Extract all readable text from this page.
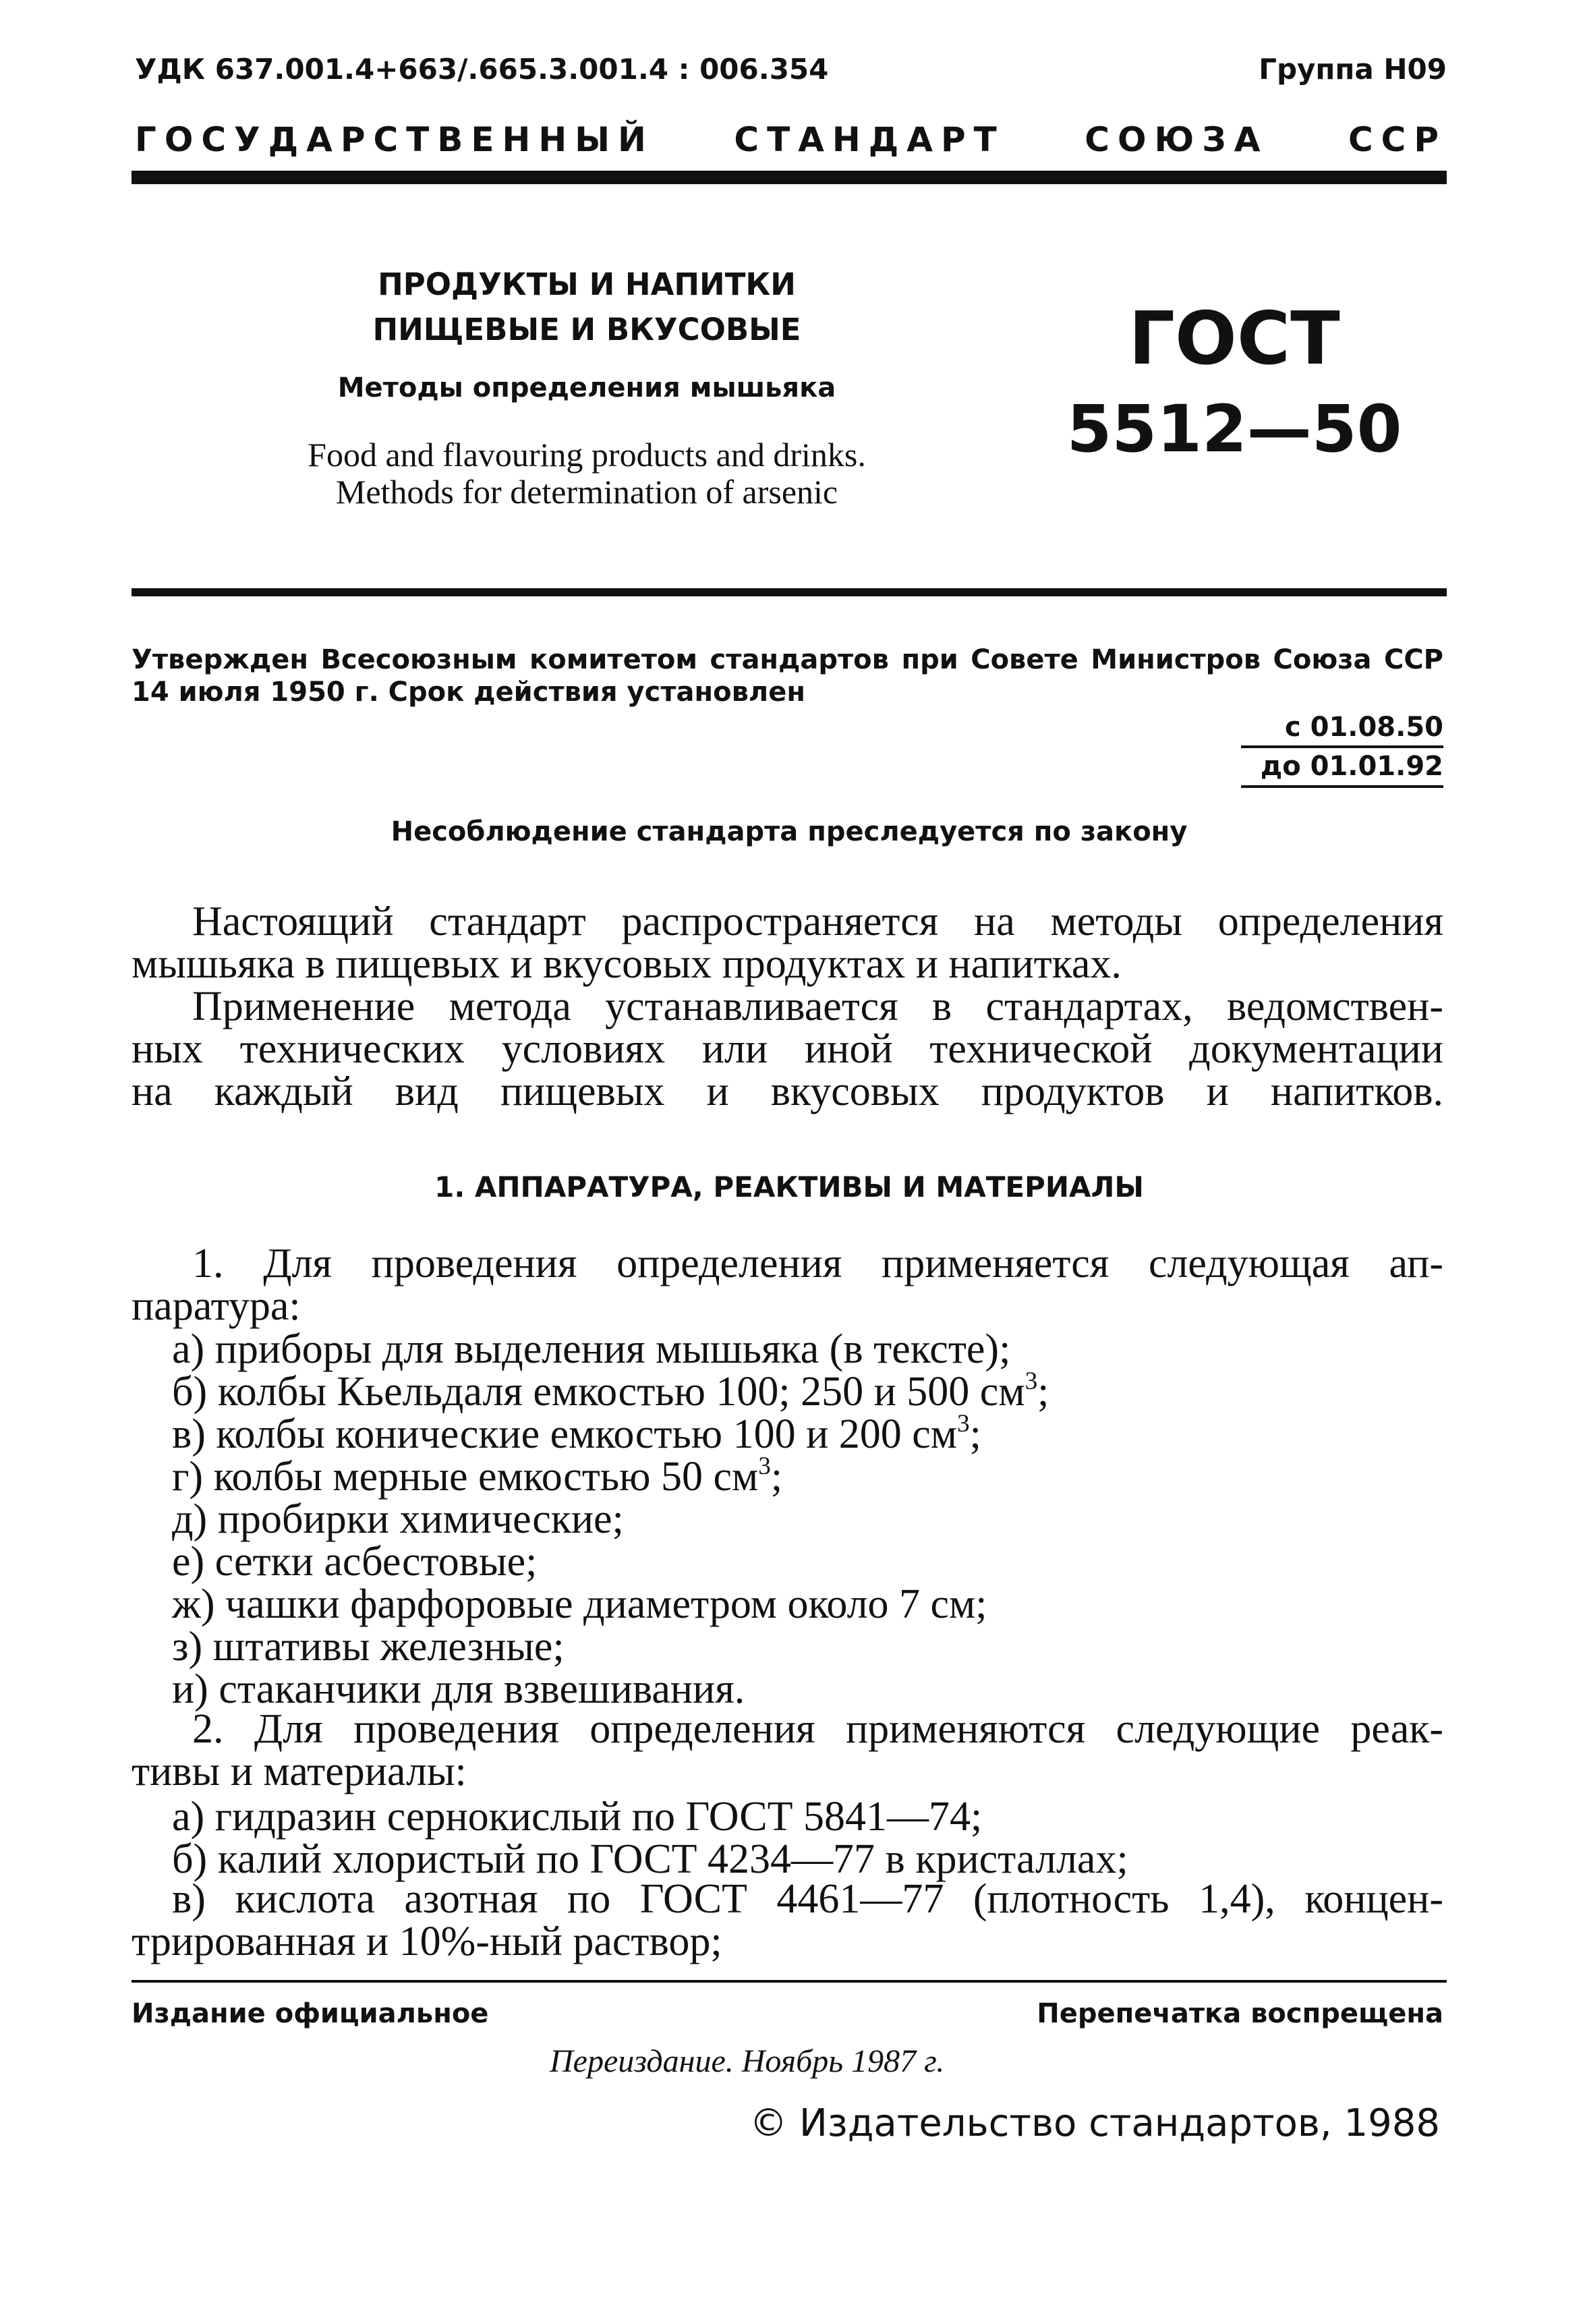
УДК 637.001.4+663/.665.3.001.4 : 006.354	Группа Н09
ГОСУДАРСТВЕННЫЙ СТАНДАРТ СОЮЗА ССР
ПРОДУКТЫ И НАПИТКИ
ПИЩЕВЫЕ И ВКУСОВЫЕ
Методы определения мышьяка
Food and flavouring products and drinks.
Methods for determination of arsenic
ГОСТ
5512—50
Утвержден Всесоюзным комитетом стандартов при Совете Министров Союза ССР
14 июля 1950 г. Срок действия установлен
с 01.08.50
до 01.01.92
Несоблюдение стандарта преследуется по закону
Настоящий стандарт распространяется на методы определения
мышьяка в пищевых и вкусовых продуктах и напитках.
Применение метода устанавливается в стандартах, ведомствен-
ных технических условиях или иной технической документации
на каждый вид пищевых и вкусовых продуктов и напитков.
1. АППАРАТУРА, РЕАКТИВЫ И МАТЕРИАЛЫ
1. Для проведения определения применяется следующая ап-
паратура:
а) приборы для выделения мышьяка (в тексте);
б) колбы Кьельдаля емкостью 100; 250 и 500 $см^3$;
в) колбы конические емкостью 100 и 200 $см^3$;
г) колбы мерные емкостью 50 $см^3$;
д) пробирки химические;
е) сетки асбестовые;
ж) чашки фарфоровые диаметром около 7 см;
з) штативы железные;
и) стаканчики для взвешивания.
2. Для проведения определения применяются следующие реак-
тивы и материалы:
а) гидразин сернокислый по ГОСТ 5841—74;
б) калий хлористый по ГОСТ 4234—77 в кристаллах;
в) кислота азотная по ГОСТ 4461—77 (плотность 1,4), концен-
трированная и 10%-ный раствор;
Издание официальное	Перепечатка воспрещена
Переиздание. Ноябрь 1987 г.
© Издательство стандартов, 1988
